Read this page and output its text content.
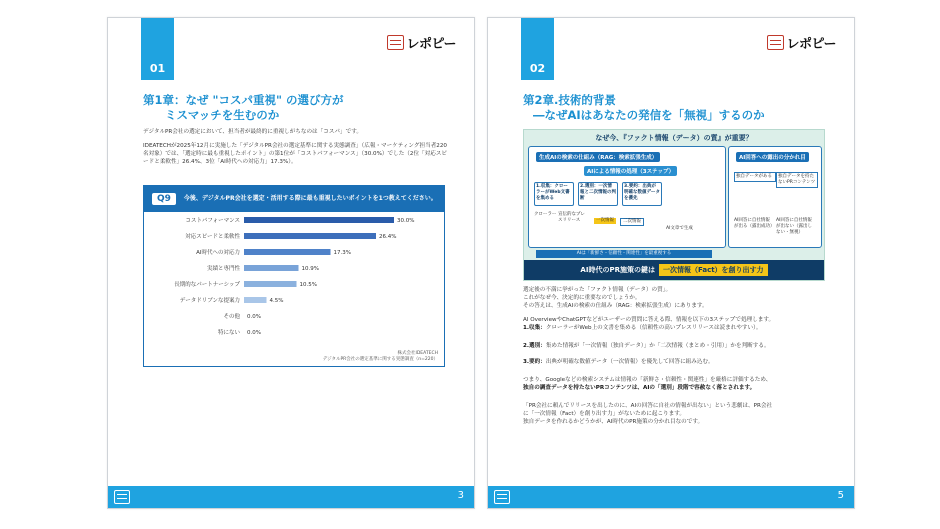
01
レポピー
第1章：なぜ "コスパ重視" の選び方が
ミスマッチを生むのか
デジタルPR会社の選定において、担当者が最終的に重視しがちなのは「コスパ」です。
IDEATECHが2025年12月に実施した「デジタルPR会社の選定基準に関する実態調査」（広報・マーケティング担当者220名対象）では、「選定時に最も重視したポイント」の第1位が「コストパフォーマンス」（30.0%）でした（2位「対応スピードと柔軟性」26.4%、3位「AI時代への対応力」17.3%）。
Q9	今後、デジタルPR会社を選定・活用する際に最も重視したいポイントを1つ教えてください。
コストパフォーマンス	30.0%
対応スピードと柔軟性	26.4%
AI時代への対応力	17.3%
実績と専門性	10.9%
長期的なパートナーシップ	10.5%
データドリブンな提案力	4.5%
その他 0.0%
特にない 0.0%
株式会社IDEATECH
デジタルPR会社の選定基準に関する実態調査（n=220）
3
02
レポピー
第2章.技術的背景
―なぜAIはあなたの発信を「無視」するのか
なぜ今、『ファクト情報（データ）の質』が重要？
生成AIの検索の仕組み（RAG：検索拡張生成）
AIによる情報の処理（3ステップ）
1.収集：クローラーがWeb文書を集める
2.選別：一次情報と二次情報の判断
3.要約：出典が明確な数値データを優先
クローラー 宣伝的なプレスリリース	一次情報	二次情報
AI文章で生成
AIは「新鮮さ・信頼性・関連性」を最重視する
AI回答への露出の分かれ目
独自データがある	独自データを持たないPRコンテンツ
AI回答に自社情報が出る（露出成功）
AI回答に自社情報が出ない（露出しない・無視）
AI時代のPR施策の鍵は	一次情報（Fact）を創り出す力

選定後の不満に挙がった「ファクト情報（データ）の質」。

これがなぜ今、決定的に重要なのでしょうか。

その答えは、生成AIの検索の仕組み（RAG：検索拡張生成）にあります。

AI OverviewやChatGPTなどがユーザーの質問に答える際、情報を以下の3ステップで処理します。

1.収集：クローラーがWeb上の文書を集める（信頼性の高いプレスリリースは読まれやすい）。

2.選別：集めた情報が「一次情報（独自データ）」か「二次情報（まとめ・引用）」かを判断する。

3.要約：出典が明確な数値データ（一次情報）を優先して回答に組み込む。

つまり、Googleなどの検索システムは情報の「新鮮さ・信頼性・関連性」を厳格に評価するため、

独自の調査データを持たないPRコンテンツは、AIの「選別」段階で容赦なく落とされます。

「PR会社に頼んでリリースを出したのに、AIの回答に自社の情報が出ない」という悲劇は、PR会社

に「一次情報（Fact）を創り出す力」がないために起こります。

独自データを作れるかどうかが、AI時代のPR施策の分かれ目なのです。

5
